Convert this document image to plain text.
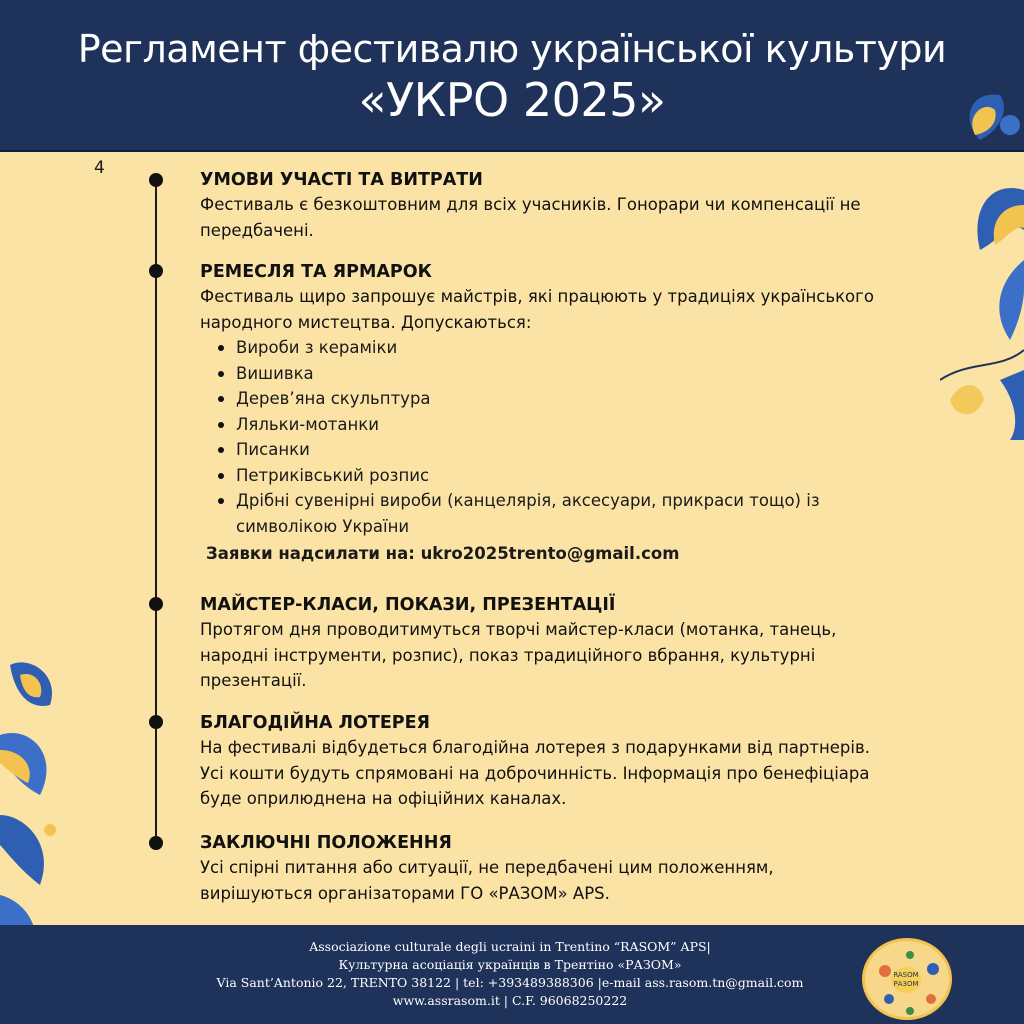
Регламент фестивалю української культури
«УКРО 2025»
4
УМОВИ УЧАСТІ ТА ВИТРАТИ
Фестиваль є безкоштовним для всіх учасників. Гонорари чи компенсації не
передбачені.
РЕМЕСЛЯ ТА ЯРМАРОК
Фестиваль щиро запрошує майстрів, які працюють у традиціях українського
народного мистецтва. Допускаються:
Вироби з кераміки
Вишивка
Дерев’яна скульптура
Ляльки-мотанки
Писанки
Петриківський розпис
Дрібні сувенірні вироби (канцелярія, аксесуари, прикраси тощо) із
символікою України
Заявки надсилати на: ukro2025trento@gmail.com
МАЙСТЕР-КЛАСИ, ПОКАЗИ, ПРЕЗЕНТАЦІЇ
Протягом дня проводитимуться творчі майстер-класи (мотанка, танець,
народні інструменти, розпис), показ традиційного вбрання, культурні
презентації.
БЛАГОДІЙНА ЛОТЕРЕЯ
На фестивалі відбудеться благодійна лотерея з подарунками від партнерів.
Усі кошти будуть спрямовані на доброчинність. Інформація про бенефіціара
буде оприлюднена на офіційних каналах.
ЗАКЛЮЧНІ ПОЛОЖЕННЯ
Усі спірні питання або ситуації, не передбачені цим положенням,
вирішуються організаторами ГО «РАЗОМ» APS.
Associazione culturale degli ucraini in Trentino “RASOM” APS|
Культурна асоціація українців в Трентіно «РАЗОМ»
Via Sant’Antonio 22, TRENTO 38122 | tel: +393489388306 |e-mail ass.rasom.tn@gmail.com
www.assrasom.it | C.F. 96068250222
RASOM РАЗОМ
